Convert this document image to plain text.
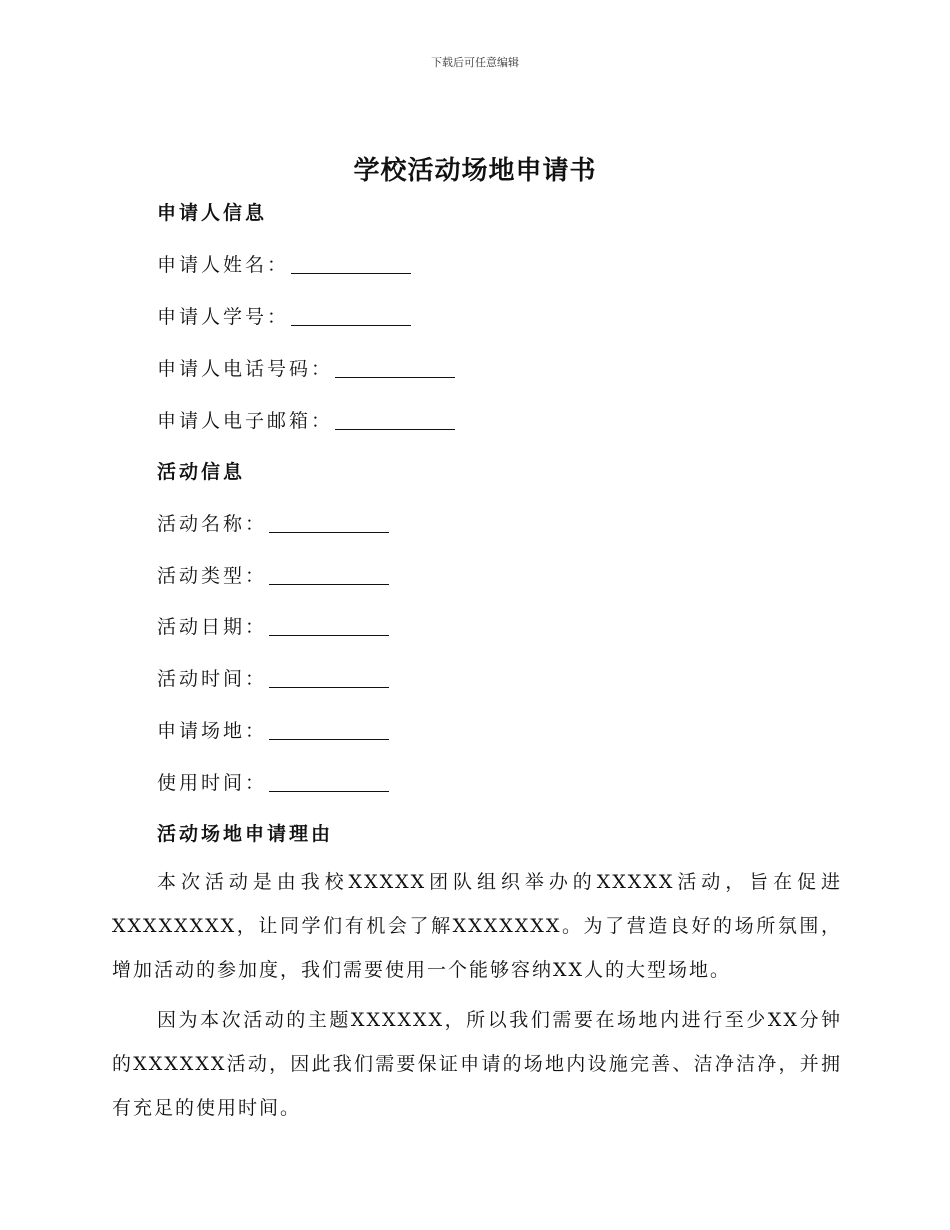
下载后可任意编辑
学校活动场地申请书
申请人信息
申请人姓名：
申请人学号：
申请人电话号码：
申请人电子邮箱：
活动信息
活动名称：
活动类型：
活动日期：
活动时间：
申请场地：
使用时间：
活动场地申请理由

本次活动是由我校XXXXX团队组织举办的XXXXX活动，旨在促进XXXXXXXX，让同学们有机会了解XXXXXXX。为了营造良好的场所氛围，增加活动的参加度，我们需要使用一个能够容纳XX人的大型场地。

因为本次活动的主题XXXXXX，所以我们需要在场地内进行至少XX分钟的XXXXXX活动，因此我们需要保证申请的场地内设施完善、洁净洁净，并拥有充足的使用时间。
